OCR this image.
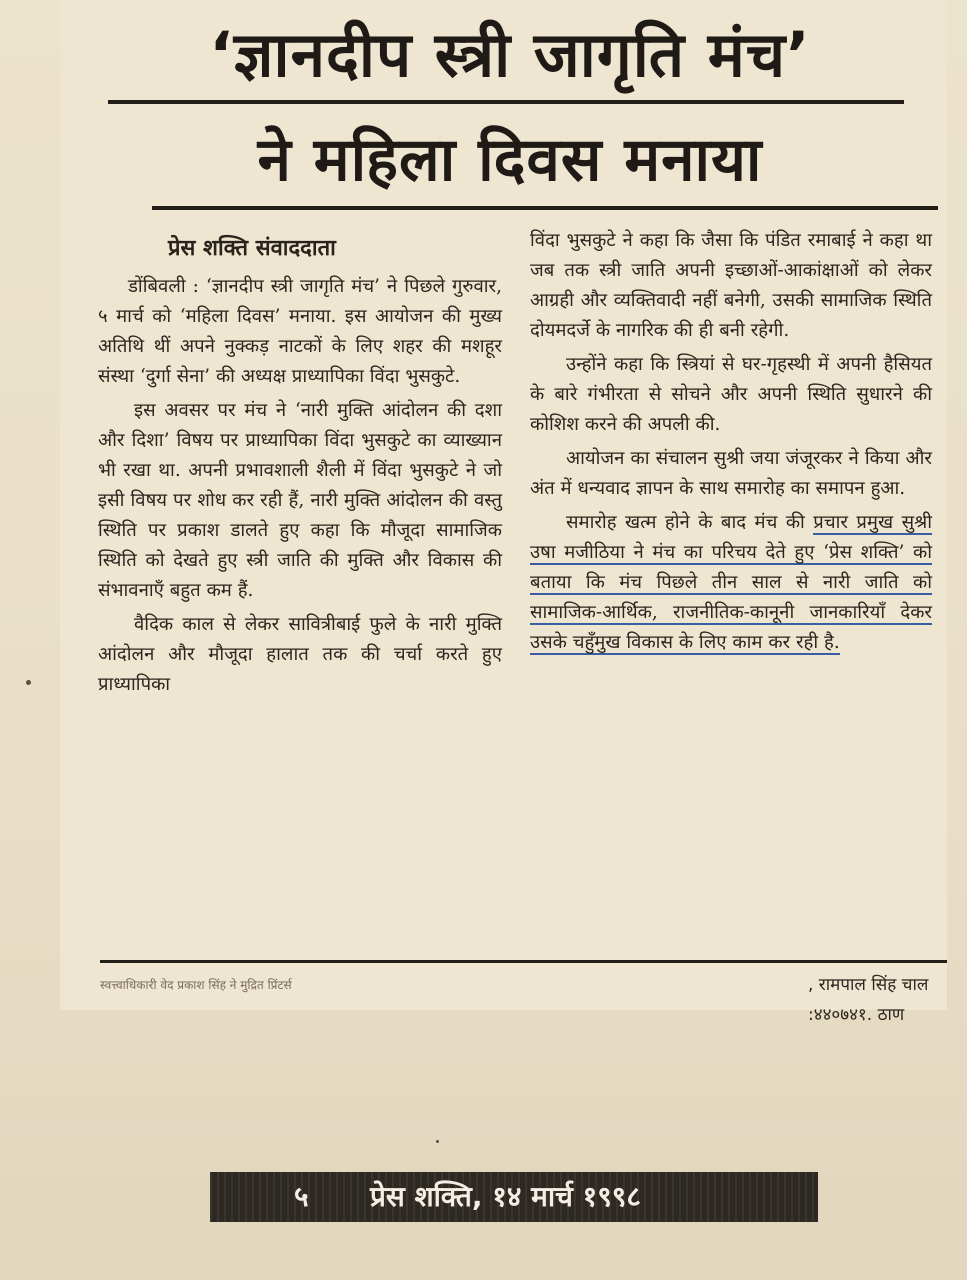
‘ज्ञानदीप स्त्री जागृति मंच’
ने महिला दिवस मनाया
प्रेस शक्ति संवाददाता

डोंबिवली : ‘ज्ञानदीप स्त्री जागृति मंच’ ने पिछले गुरुवार, ५ मार्च को ‘महिला दिवस’ मनाया. इस आयोजन की मुख्य अतिथि थीं अपने नुक्कड़ नाटकों के लिए शहर की मशहूर संस्था ‘दुर्गा सेना’ की अध्यक्ष प्राध्यापिका विंदा भुसकुटे.

इस अवसर पर मंच ने ‘नारी मुक्ति आंदोलन की दशा और दिशा’ विषय पर प्राध्यापिका विंदा भुसकुटे का व्याख्यान भी रखा था. अपनी प्रभावशाली शैली में विंदा भुसकुटे ने जो इसी विषय पर शोध कर रही हैं, नारी मुक्ति आंदोलन की वस्तु स्थिति पर प्रकाश डालते हुए कहा कि मौजूदा सामाजिक स्थिति को देखते हुए स्त्री जाति की मुक्ति और विकास की संभावनाएँ बहुत कम हैं.

वैदिक काल से लेकर सावित्रीबाई फुले के नारी मुक्ति आंदोलन और मौजूदा हालात तक की चर्चा करते हुए प्राध्यापिका

विंदा भुसकुटे ने कहा कि जैसा कि पंडित रमाबाई ने कहा था जब तक स्त्री जाति अपनी इच्छाओं-आकांक्षाओं को लेकर आग्रही और व्यक्तिवादी नहीं बनेगी, उसकी सामाजिक स्थिति दोयमदर्जे के नागरिक की ही बनी रहेगी.

उन्होंने कहा कि स्त्रियां से घर-गृहस्थी में अपनी हैसियत के बारे गंभीरता से सोचने और अपनी स्थिति सुधारने की कोशिश करने की अपली की.

आयोजन का संचालन सुश्री जया जंजूरकर ने किया और अंत में धन्यवाद ज्ञापन के साथ समारोह का समापन हुआ.

समारोह खत्म होने के बाद मंच की प्रचार प्रमुख सुश्री उषा मजीठिया ने मंच का परिचय देते हुए ‘प्रेस शक्ति’ को बताया कि मंच पिछले तीन साल से नारी जाति को सामाजिक-आर्थिक, राजनीतिक-कानूनी जानकारियाँ देकर उसके चहुँमुख विकास के लिए काम कर रही है.

स्वत्त्वाधिकारी वेद प्रकाश सिंह ने मुद्रित प्रिंटर्स	, रामपाल सिंह चाल
:४४०७४१. ठाण
५ प्रेस शक्ति, १४ मार्च १९९८
